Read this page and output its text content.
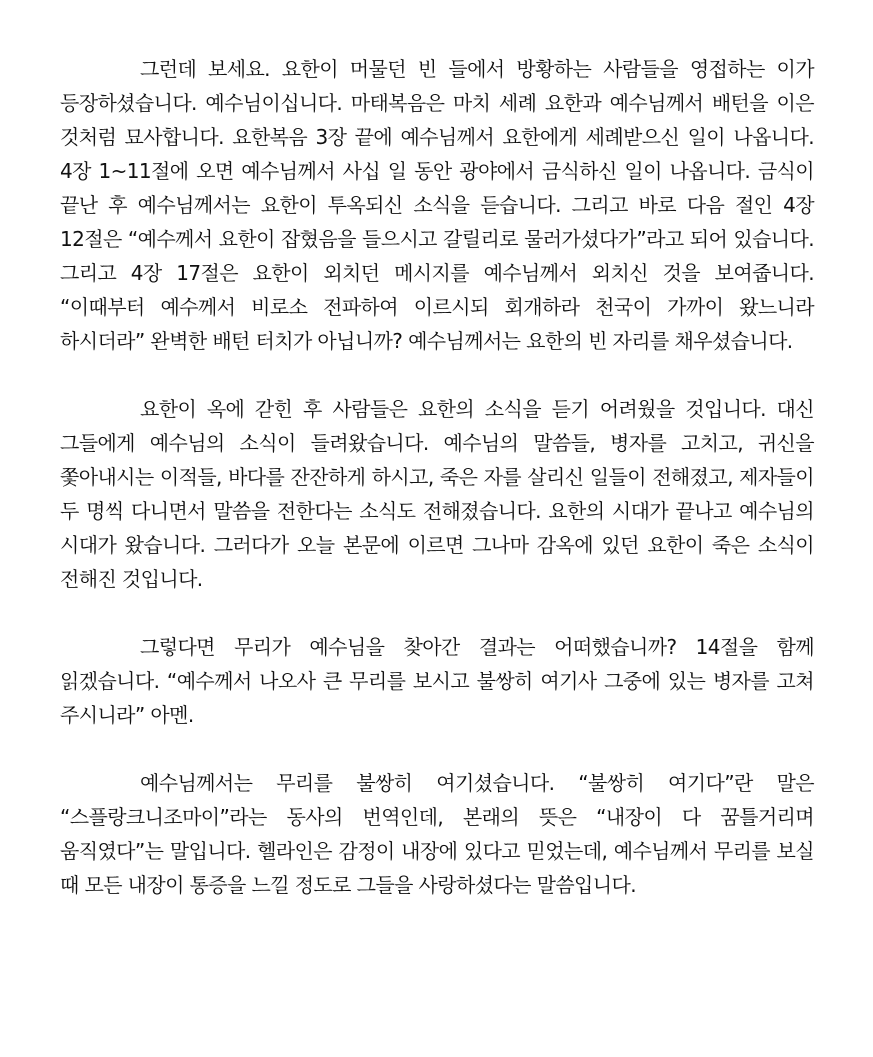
그런데 보세요. 요한이 머물던 빈 들에서 방황하는 사람들을 영접하는 이가 등장하셨습니다. 예수님이십니다. 마태복음은 마치 세례 요한과 예수님께서 배턴을 이은 것처럼 묘사합니다. 요한복음 3장 끝에 예수님께서 요한에게 세례받으신 일이 나옵니다. 4장 1~11절에 오면 예수님께서 사십 일 동안 광야에서 금식하신 일이 나옵니다. 금식이 끝난 후 예수님께서는 요한이 투옥되신 소식을 듣습니다. 그리고 바로 다음 절인 4장 12절은 “예수께서 요한이 잡혔음을 들으시고 갈릴리로 물러가셨다가”라고 되어 있습니다. 그리고 4장 17절은 요한이 외치던 메시지를 예수님께서 외치신 것을 보여줍니다. “이때부터 예수께서 비로소 전파하여 이르시되 회개하라 천국이 가까이 왔느니라 하시더라” 완벽한 배턴 터치가 아닙니까? 예수님께서는 요한의 빈 자리를 채우셨습니다.

요한이 옥에 갇힌 후 사람들은 요한의 소식을 듣기 어려웠을 것입니다. 대신 그들에게 예수님의 소식이 들려왔습니다. 예수님의 말씀들, 병자를 고치고, 귀신을 쫓아내시는 이적들, 바다를 잔잔하게 하시고, 죽은 자를 살리신 일들이 전해졌고, 제자들이 두 명씩 다니면서 말씀을 전한다는 소식도 전해졌습니다. 요한의 시대가 끝나고 예수님의 시대가 왔습니다. 그러다가 오늘 본문에 이르면 그나마 감옥에 있던 요한이 죽은 소식이 전해진 것입니다.

그렇다면 무리가 예수님을 찾아간 결과는 어떠했습니까? 14절을 함께 읽겠습니다. “예수께서 나오사 큰 무리를 보시고 불쌍히 여기사 그중에 있는 병자를 고쳐 주시니라” 아멘.

예수님께서는 무리를 불쌍히 여기셨습니다. “불쌍히 여기다”란 말은 “스플랑크니조마이”라는 동사의 번역인데, 본래의 뜻은 “내장이 다 꿈틀거리며 움직였다”는 말입니다. 헬라인은 감정이 내장에 있다고 믿었는데, 예수님께서 무리를 보실 때 모든 내장이 통증을 느낄 정도로 그들을 사랑하셨다는 말씀입니다.
